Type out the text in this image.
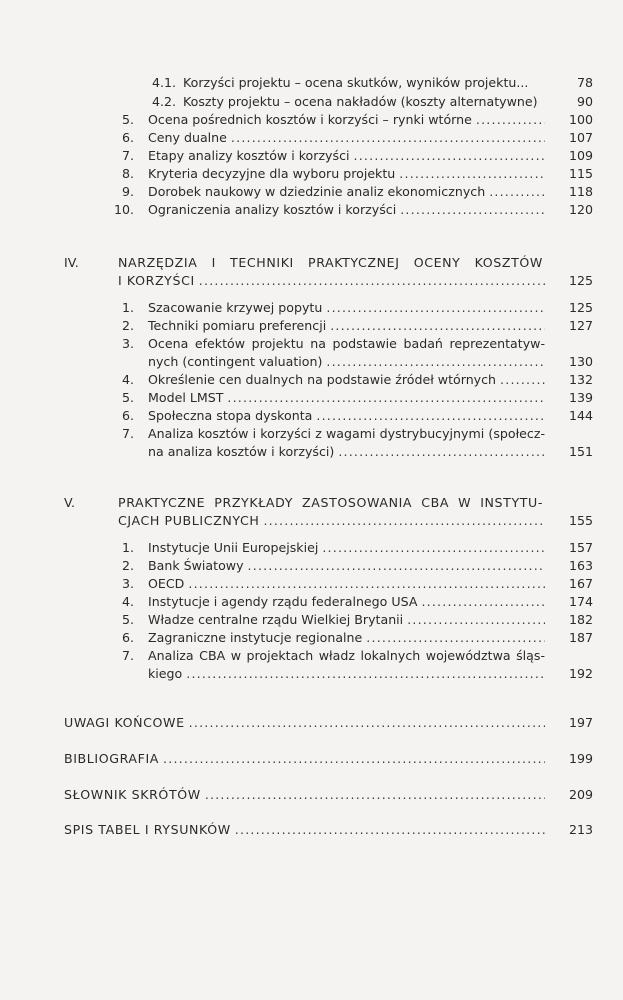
4.1. Korzyści projektu – ocena skutków, wyników projektu...	78
4.2. Koszty projektu – ocena nakładów (koszty alternatywne)	90
5. Ocena pośrednich kosztów i korzyści – rynki wtórne .....	100
6. Ceny dualne .....	107
7. Etapy analizy kosztów i korzyści .....	109
8. Kryteria decyzyjne dla wyboru projektu .....	115
9. Dorobek naukowy w dziedzinie analiz ekonomicznych .....	118
10. Ograniczenia analizy kosztów i korzyści .....	120
IV.	NARZĘDZIA I TECHNIKI PRAKTYCZNEJ OCENY KOSZTÓW
I KORZYŚCI .....	125
1. Szacowanie krzywej popytu .....	125
2. Techniki pomiaru preferencji .....	127
3. Ocena efektów projektu na podstawie badań reprezentatyw-
nych (contingent valuation) .....	130
4. Określenie cen dualnych na podstawie źródeł wtórnych .....	132
5. Model LMST .....	139
6. Społeczna stopa dyskonta .....	144
7. Analiza kosztów i korzyści z wagami dystrybucyjnymi (społecz-
na analiza kosztów i korzyści) .....	151
V.	PRAKTYCZNE PRZYKŁADY ZASTOSOWANIA CBA W INSTYTU-
CJACH PUBLICZNYCH .....	155
1. Instytucje Unii Europejskiej .....	157
2. Bank Światowy .....	163
3. OECD .....	167
4. Instytucje i agendy rządu federalnego USA .....	174
5. Władze centralne rządu Wielkiej Brytanii .....	182
6. Zagraniczne instytucje regionalne .....	187
7. Analiza CBA w projektach władz lokalnych województwa śląs-
kiego .....	192
UWAGI KOŃCOWE .....	197
BIBLIOGRAFIA .....	199
SŁOWNIK SKRÓTÓW .....	209
SPIS TABEL I RYSUNKÓW .....	213
